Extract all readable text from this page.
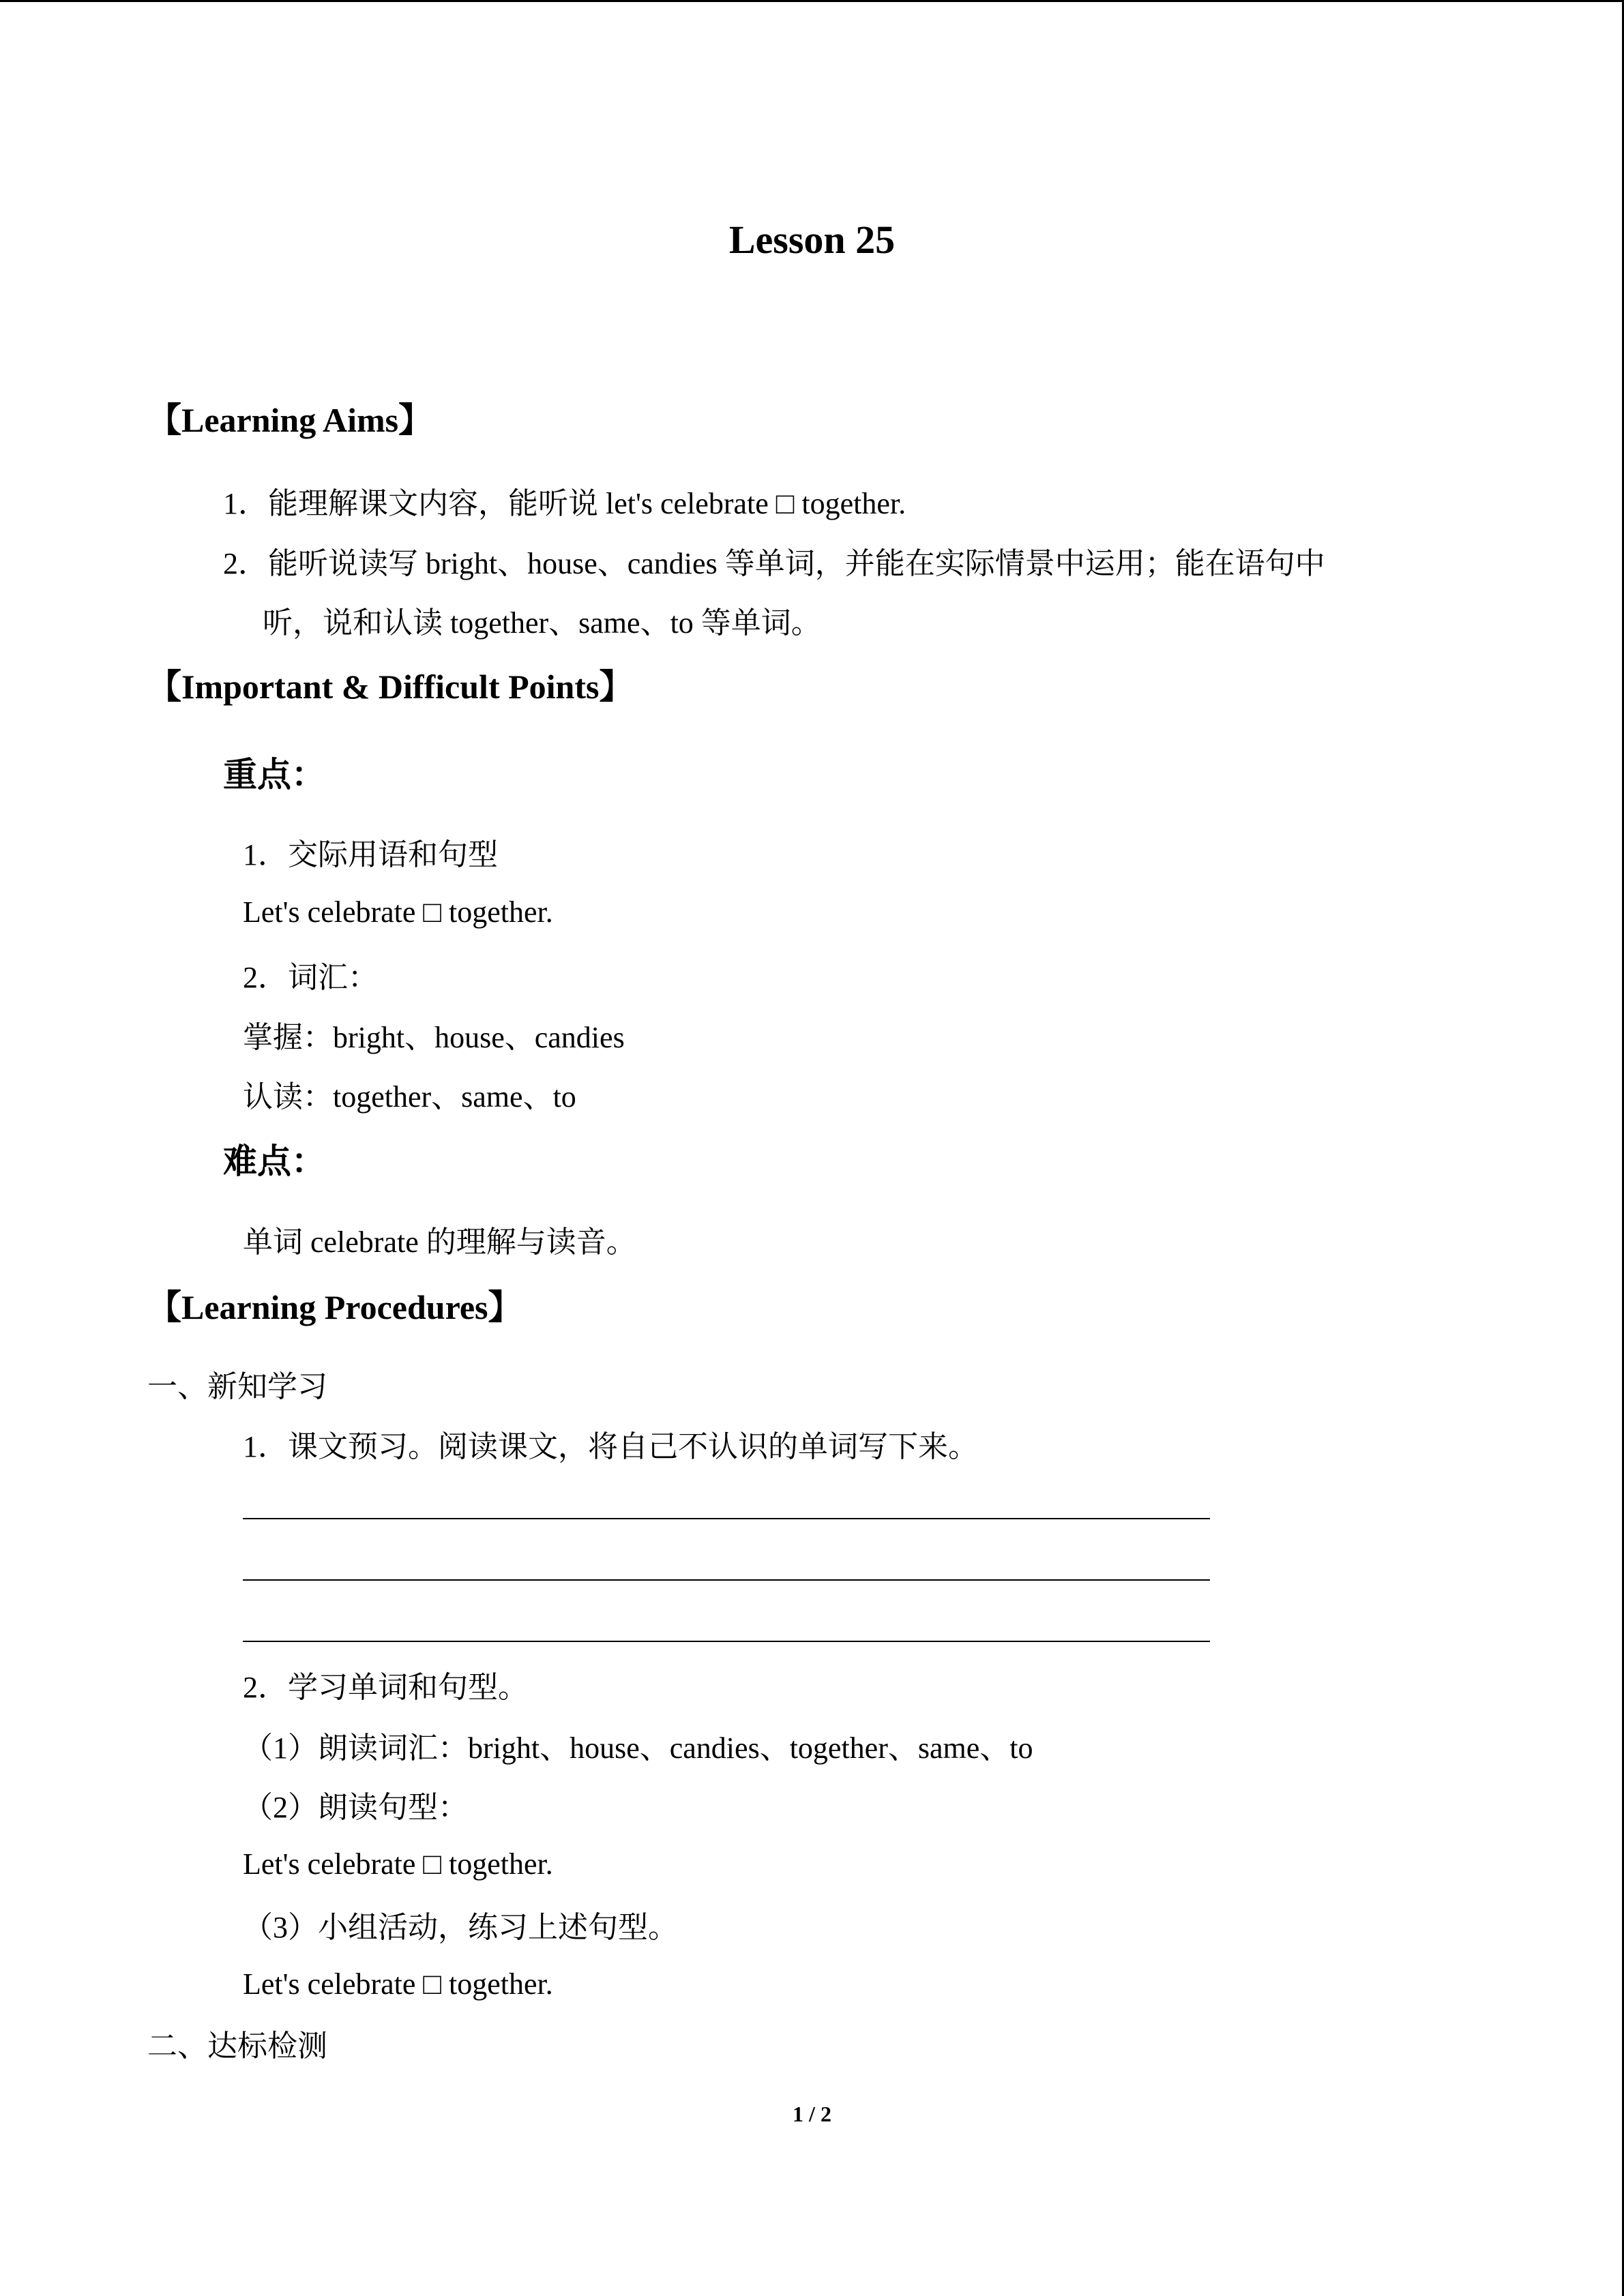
Lesson 25
【Learning Aims】
1．能理解课文内容，能听说 let's celebrate □ together.
2．能听说读写 bright、house、candies 等单词，并能在实际情景中运用；能在语句中
听，说和认读 together、same、to 等单词。
【Important & Difficult Points】
重点：
1．交际用语和句型
Let's celebrate □ together.
2．词汇：
掌握：bright、house、candies
认读：together、same、to
难点：
单词 celebrate 的理解与读音。
【Learning Procedures】
一、新知学习
1．课文预习。阅读课文，将自己不认识的单词写下来。
2．学习单词和句型。
（1）朗读词汇：bright、house、candies、together、same、to
（2）朗读句型：
Let's celebrate □ together.
（3）小组活动，练习上述句型。
Let's celebrate □ together.
二、达标检测
1 / 2
